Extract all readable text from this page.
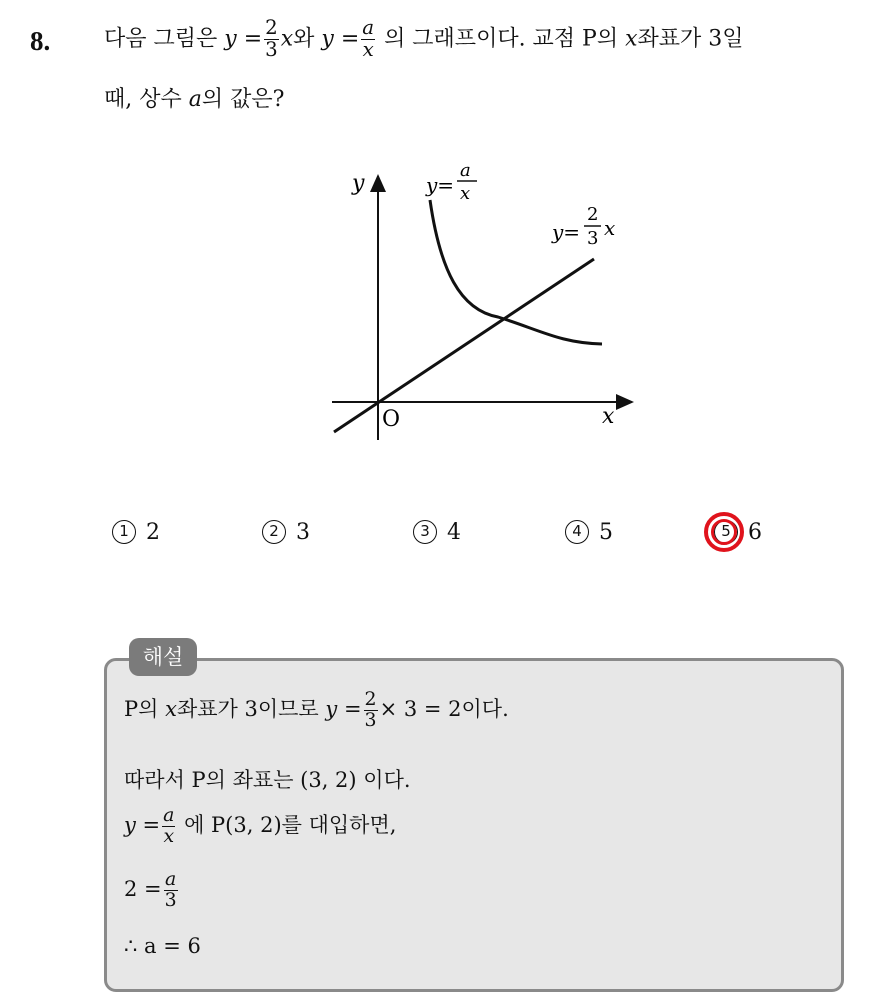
8. 다음 그림은 $y = \frac{2}{3}$ x와 $y = \frac{a}{x}$ 의 그래프이다. 교점 P의 x좌표가 3일
때, 상수 a의 값은?
y
x
O
y=
a
x
y=
2
3 x
1 2	2 3	3 4	4 5	5 6
해설
P의 x좌표가 3이므로 $y = \frac{2}{3} \times 3 = 2$이다.
따라서 P의 좌표는 (3, 2) 이다.
$y = \frac{a}{x}$ 에 P(3, 2)를 대입하면,
$2 = \frac{a}{3}$
∴ a = 6
